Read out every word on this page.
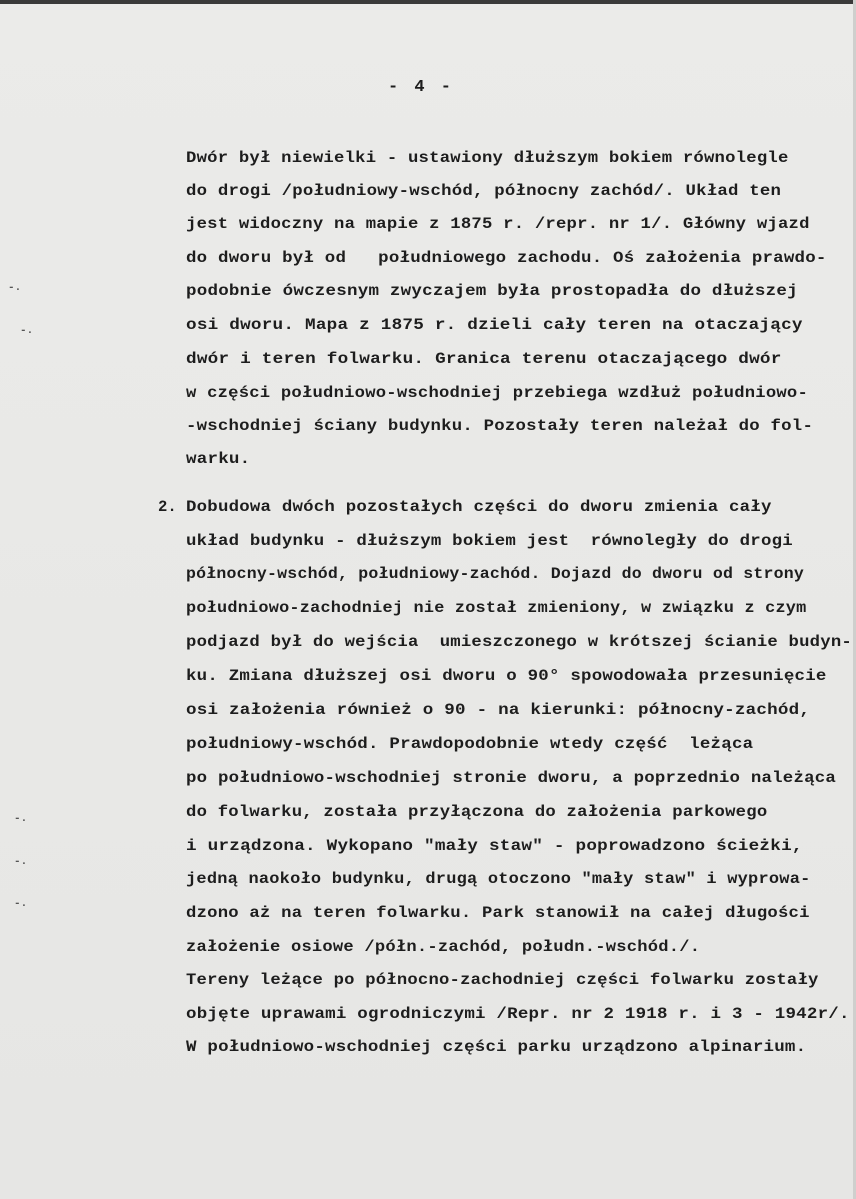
- 4 -
2.
-.
-.
-.
-.
-.
Dwór był niewielki - ustawiony dłuższym bokiem równolegle
do drogi /południowy-wschód, północny zachód/. Układ ten
jest widoczny na mapie z 1875 r. /repr. nr 1/. Główny wjazd
do dworu był od   południowego zachodu. Oś założenia prawdo-
podobnie ówczesnym zwyczajem była prostopadła do dłuższej
osi dworu. Mapa z 1875 r. dzieli cały teren na otaczający
dwór i teren folwarku. Granica terenu otaczającego dwór
w części południowo-wschodniej przebiega wzdłuż południowo-
-wschodniej ściany budynku. Pozostały teren należał do fol-
warku.
Dobudowa dwóch pozostałych części do dworu zmienia cały
układ budynku - dłuższym bokiem jest  równoległy do drogi
północny-wschód, południowy-zachód. Dojazd do dworu od strony
południowo-zachodniej nie został zmieniony, w związku z czym
podjazd był do wejścia  umieszczonego w krótszej ścianie budyn-
ku. Zmiana dłuższej osi dworu o 90° spowodowała przesunięcie
osi założenia również o 90 - na kierunki: północny-zachód,
południowy-wschód. Prawdopodobnie wtedy część  leżąca
po południowo-wschodniej stronie dworu, a poprzednio należąca
do folwarku, została przyłączona do założenia parkowego
i urządzona. Wykopano "mały staw" - poprowadzono ścieżki,
jedną naokoło budynku, drugą otoczono "mały staw" i wyprowa-
dzono aż na teren folwarku. Park stanowił na całej długości
założenie osiowe /półn.-zachód, połudn.-wschód./.
Tereny leżące po północno-zachodniej części folwarku zostały
objęte uprawami ogrodniczymi /Repr. nr 2 1918 r. i 3 - 1942r/.
W południowo-wschodniej części parku urządzono alpinarium.
